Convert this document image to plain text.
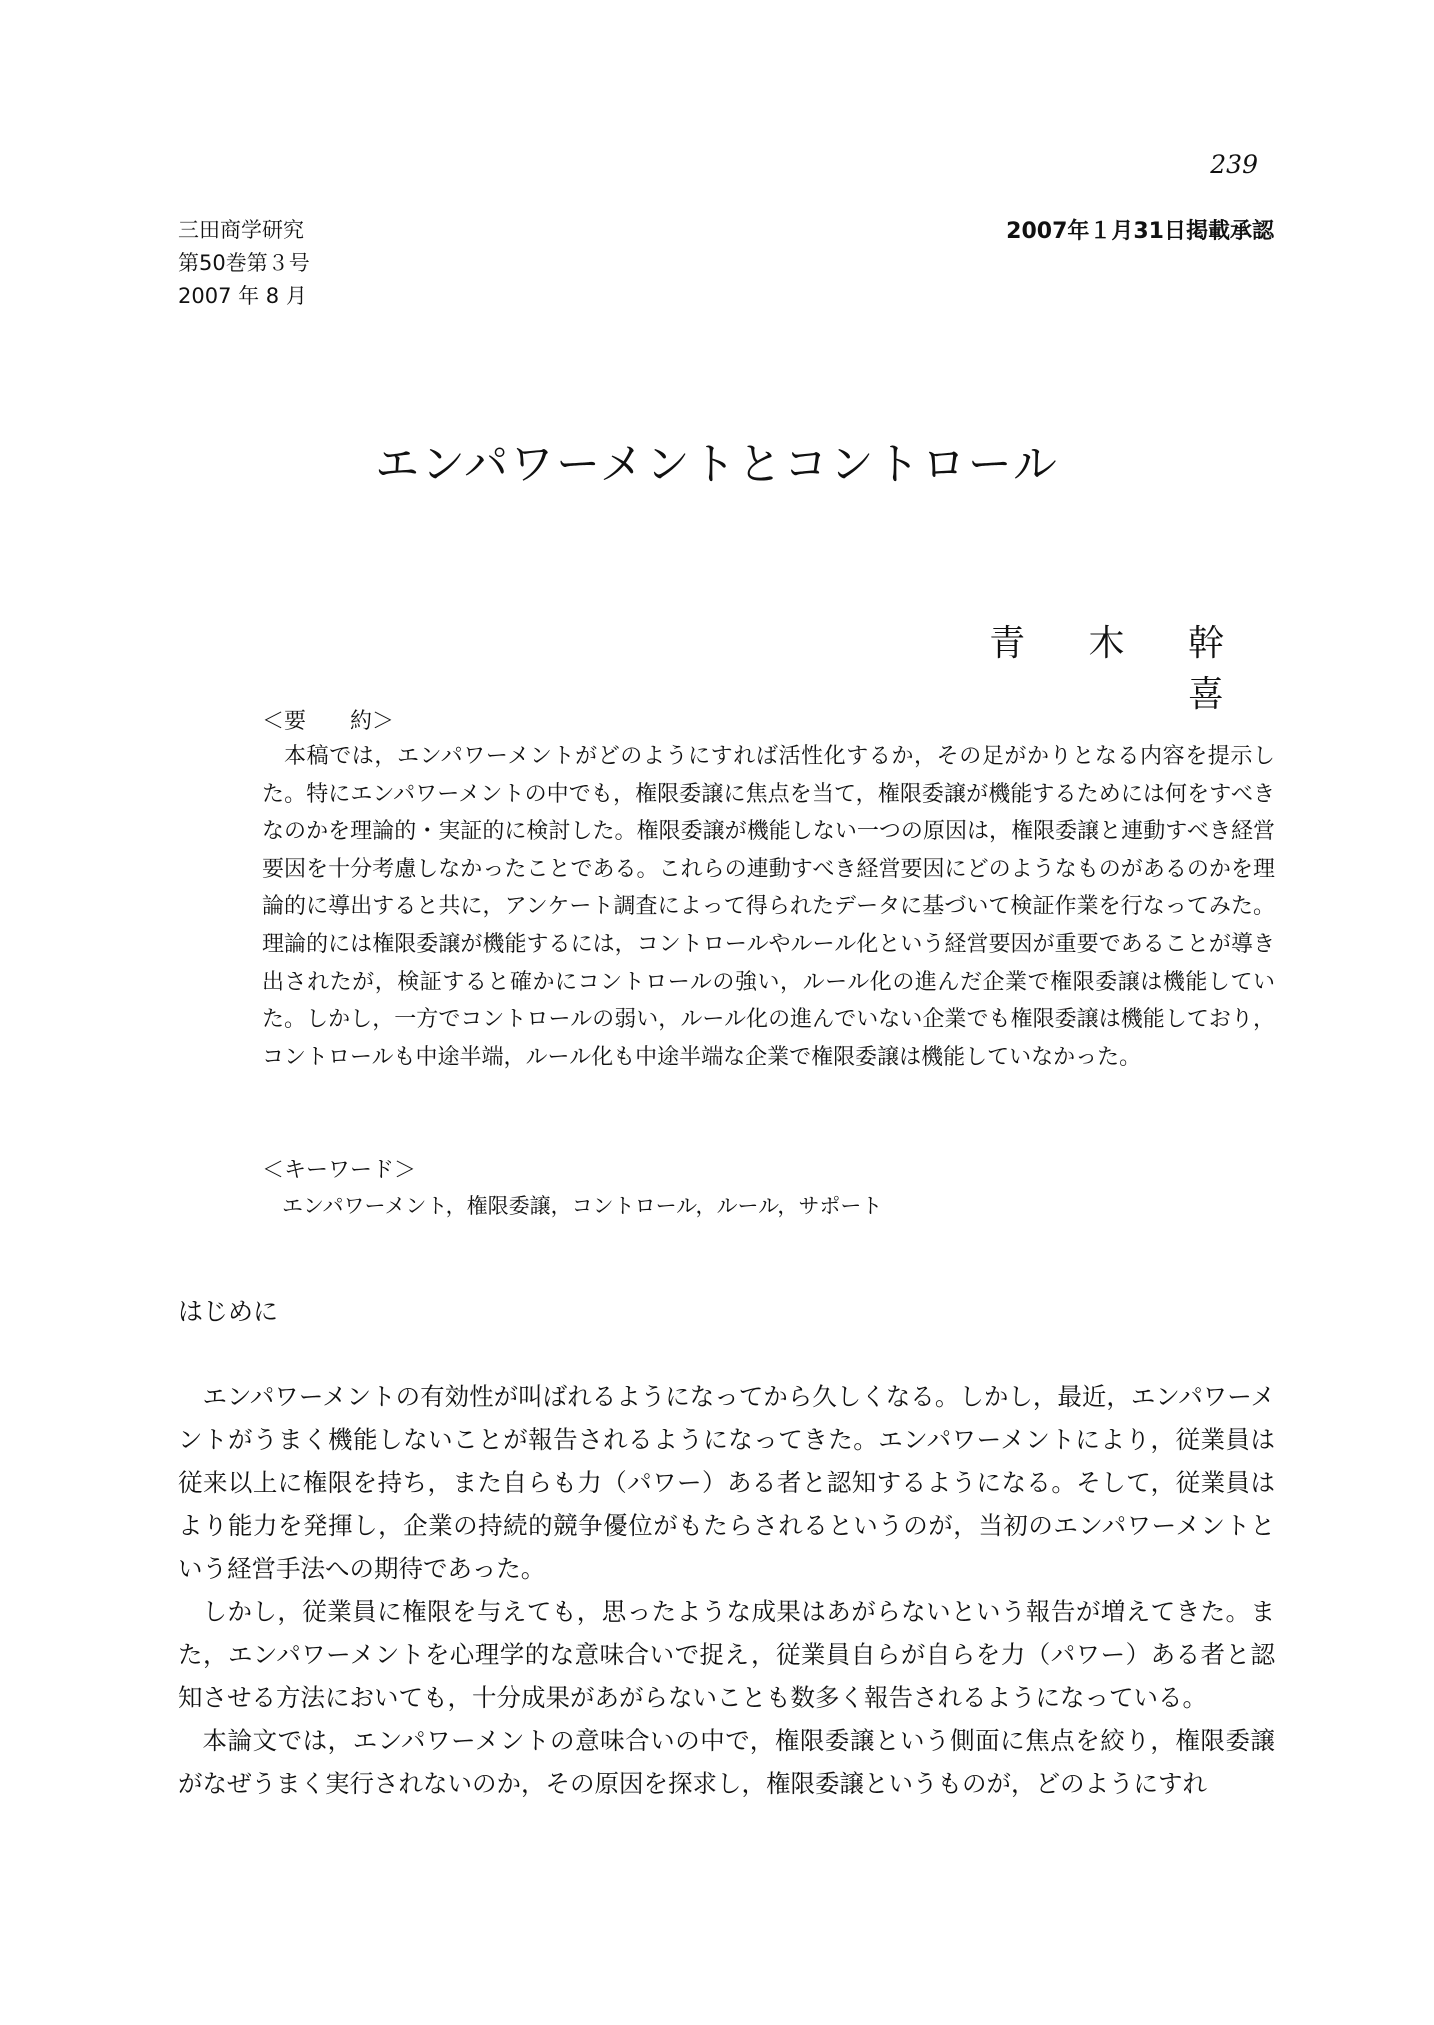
239
三田商学研究
第50巻第３号
2007 年 8 月
2007年１月31日掲載承認
エンパワーメントとコントロール
青 木 幹 喜
＜要　　約＞
本稿では，エンパワーメントがどのようにすれば活性化するか，その足がかりとなる内容を提示した。特にエンパワーメントの中でも，権限委譲に焦点を当て，権限委譲が機能するためには何をすべきなのかを理論的・実証的に検討した。権限委譲が機能しない一つの原因は，権限委譲と連動すべき経営要因を十分考慮しなかったことである。これらの連動すべき経営要因にどのようなものがあるのかを理論的に導出すると共に，アンケート調査によって得られたデータに基づいて検証作業を行なってみた。理論的には権限委譲が機能するには，コントロールやルール化という経営要因が重要であることが導き出されたが，検証すると確かにコントロールの強い，ルール化の進んだ企業で権限委譲は機能していた。しかし，一方でコントロールの弱い，ルール化の進んでいない企業でも権限委譲は機能しており，コントロールも中途半端，ルール化も中途半端な企業で権限委譲は機能していなかった。
＜キーワード＞
エンパワーメント，権限委譲，コントロール，ルール，サポート
はじめに

エンパワーメントの有効性が叫ばれるようになってから久しくなる。しかし，最近，エンパワーメントがうまく機能しないことが報告されるようになってきた。エンパワーメントにより，従業員は従来以上に権限を持ち，また自らも力（パワー）ある者と認知するようになる。そして，従業員はより能力を発揮し，企業の持続的競争優位がもたらされるというのが，当初のエンパワーメントという経営手法への期待であった。

しかし，従業員に権限を与えても，思ったような成果はあがらないという報告が増えてきた。また，エンパワーメントを心理学的な意味合いで捉え，従業員自らが自らを力（パワー）ある者と認知させる方法においても，十分成果があがらないことも数多く報告されるようになっている。

本論文では，エンパワーメントの意味合いの中で，権限委譲という側面に焦点を絞り，権限委譲がなぜうまく実行されないのか，その原因を探求し，権限委譲というものが，どのようにすれ
